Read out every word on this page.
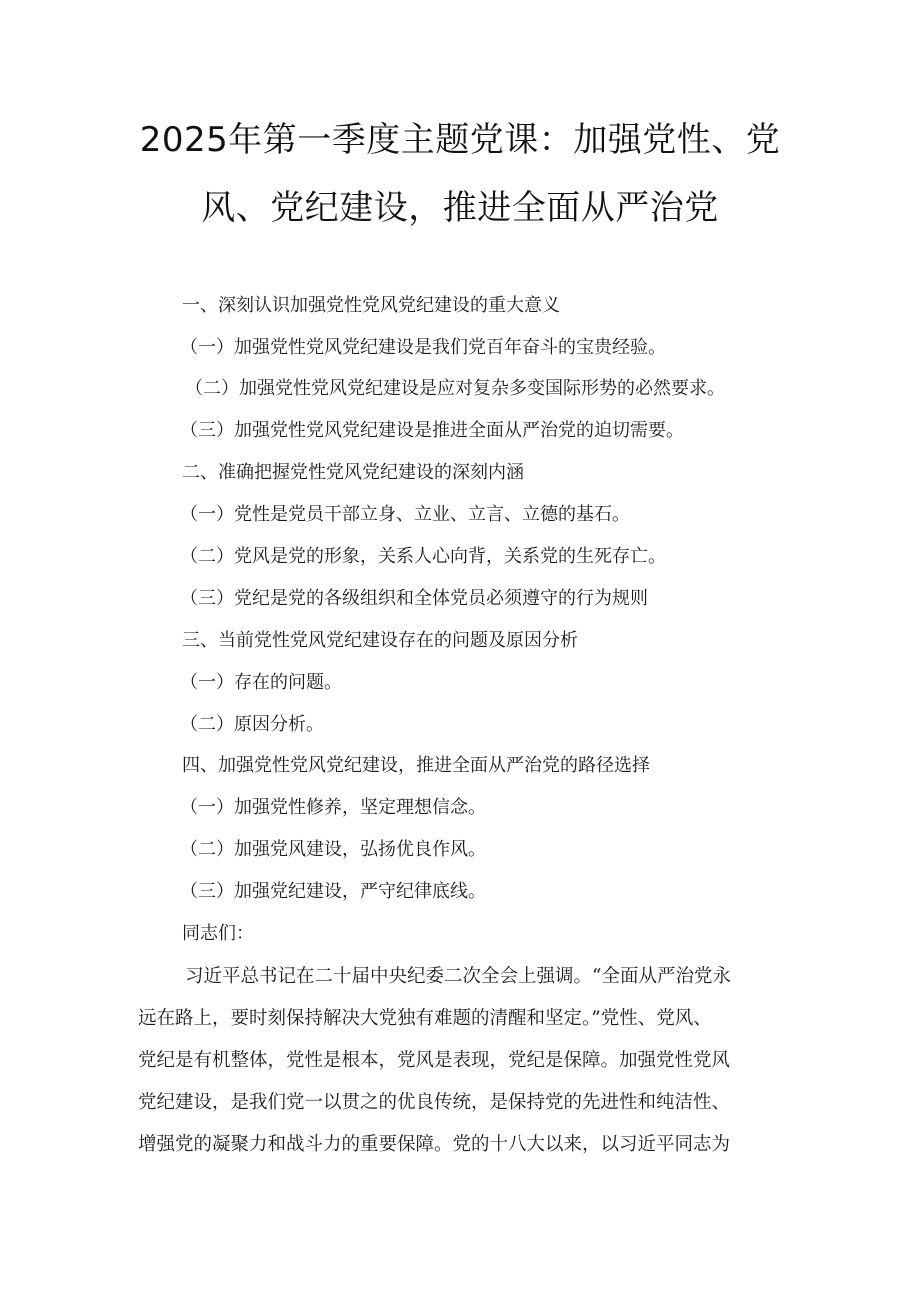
2025年第一季度主题党课：加强党性、党
风、党纪建设，推进全面从严治党
一、深刻认识加强党性党风党纪建设的重大意义
（一）加强党性党风党纪建设是我们党百年奋斗的宝贵经验。
（二）加强党性党风党纪建设是应对复杂多变国际形势的必然要求。
（三）加强党性党风党纪建设是推进全面从严治党的迫切需要。
二、准确把握党性党风党纪建设的深刻内涵
（一）党性是党员干部立身、立业、立言、立德的基石。
（二）党风是党的形象，关系人心向背，关系党的生死存亡。
（三）党纪是党的各级组织和全体党员必须遵守的行为规则
三、当前党性党风党纪建设存在的问题及原因分析
（一）存在的问题。
（二）原因分析。
四、加强党性党风党纪建设，推进全面从严治党的路径选择
（一）加强党性修养，坚定理想信念。
（二）加强党风建设，弘扬优良作风。
（三）加强党纪建设，严守纪律底线。
同志们：
习近平总书记在二十届中央纪委二次全会上强调。“全面从严治党永
远在路上，要时刻保持解决大党独有难题的清醒和坚定。”党性、党风、
党纪是有机整体，党性是根本，党风是表现，党纪是保障。加强党性党风
党纪建设，是我们党一以贯之的优良传统，是保持党的先进性和纯洁性、
增强党的凝聚力和战斗力的重要保障。党的十八大以来，以习近平同志为
